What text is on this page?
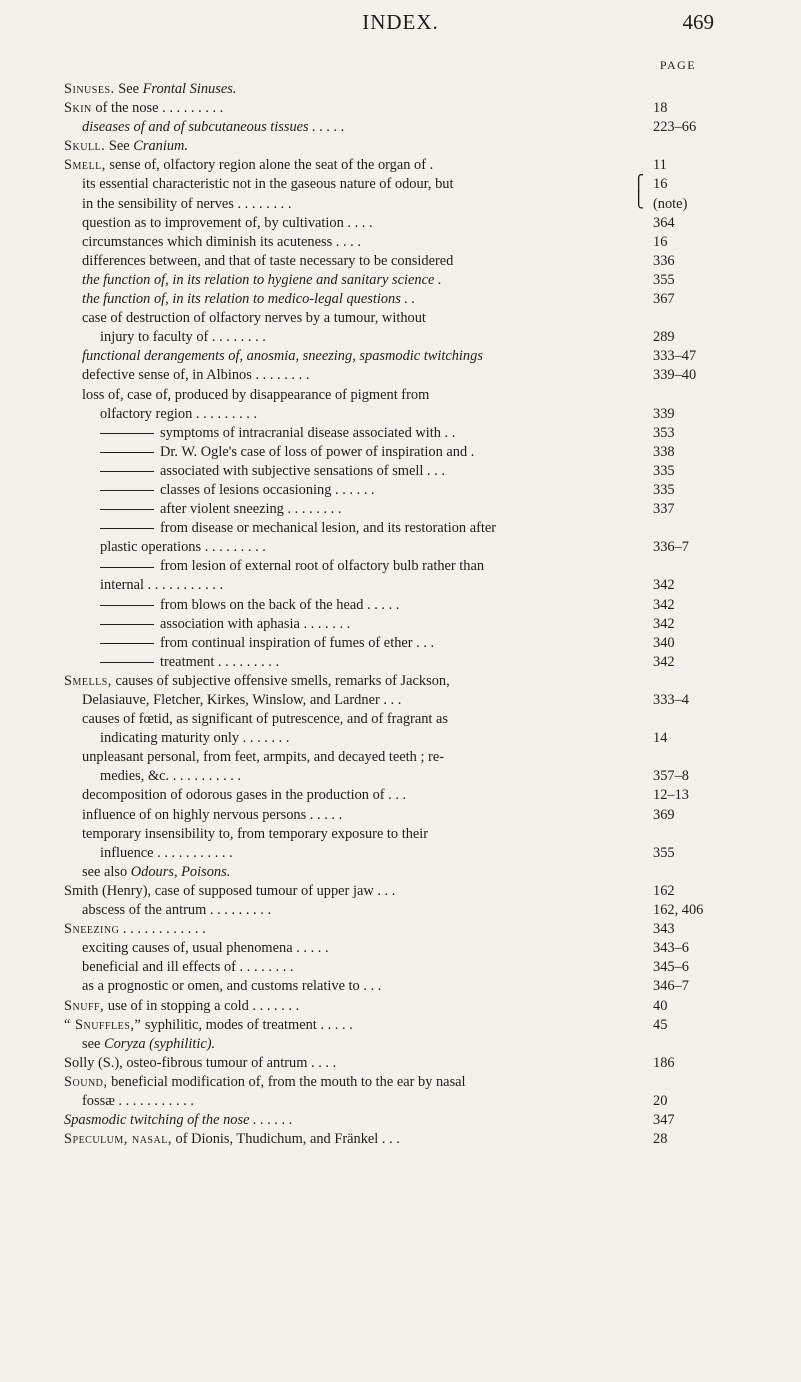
INDEX.	469
PAGE
Sinuses. See Frontal Sinuses.
Skin of the nose . . . . . . . . .	18
diseases of and of subcutaneous tissues . . . . .	223–66
Skull. See Cranium.
Smell, sense of, olfactory region alone the seat of the organ of .	11
its essential characteristic not in the gaseous nature of odour, but	16
⎧
⎩
in the sensibility of nerves . . . . . . . .	(note)
question as to improvement of, by cultivation . . . .	364
circumstances which diminish its acuteness . . . .	16
differences between, and that of taste necessary to be considered	336
the function of, in its relation to hygiene and sanitary science .	355
the function of, in its relation to medico-legal questions . .	367
case of destruction of olfactory nerves by a tumour, without
injury to faculty of . . . . . . . .	289
functional derangements of, anosmia, sneezing, spasmodic twitchings	333–47
defective sense of, in Albinos . . . . . . . .	339–40
loss of, case of, produced by disappearance of pigment from
olfactory region . . . . . . . . .	339
symptoms of intracranial disease associated with . .	353
Dr. W. Ogle's case of loss of power of inspiration and .	338
associated with subjective sensations of smell . . .	335
classes of lesions occasioning . . . . . .	335
after violent sneezing . . . . . . . .	337
from disease or mechanical lesion, and its restoration after
plastic operations . . . . . . . . .	336–7
from lesion of external root of olfactory bulb rather than
internal . . . . . . . . . . .	342
from blows on the back of the head . . . . .	342
association with aphasia . . . . . . .	342
from continual inspiration of fumes of ether . . .	340
treatment . . . . . . . . .	342
Smells, causes of subjective offensive smells, remarks of Jackson,
Delasiauve, Fletcher, Kirkes, Winslow, and Lardner . . .	333–4
causes of fœtid, as significant of putrescence, and of fragrant as
indicating maturity only . . . . . . .	14
unpleasant personal, from feet, armpits, and decayed teeth ; re-
medies, &c. . . . . . . . . . .	357–8
decomposition of odorous gases in the production of . . .	12–13
influence of on highly nervous persons . . . . .	369
temporary insensibility to, from temporary exposure to their
influence . . . . . . . . . . .	355
see also Odours, Poisons.
Smith (Henry), case of supposed tumour of upper jaw . . .	162
abscess of the antrum . . . . . . . . .	162, 406
Sneezing . . . . . . . . . . . .	343
exciting causes of, usual phenomena . . . . .	343–6
beneficial and ill effects of . . . . . . . .	345–6
as a prognostic or omen, and customs relative to . . .	346–7
Snuff, use of in stopping a cold . . . . . . .	40
“ Snuffles,” syphilitic, modes of treatment . . . . .	45
see Coryza (syphilitic).
Solly (S.), osteo-fibrous tumour of antrum . . . .	186
Sound, beneficial modification of, from the mouth to the ear by nasal
fossæ . . . . . . . . . . .	20
Spasmodic twitching of the nose . . . . . .	347
Speculum, nasal, of Dionis, Thudichum, and Fränkel . . .	28
